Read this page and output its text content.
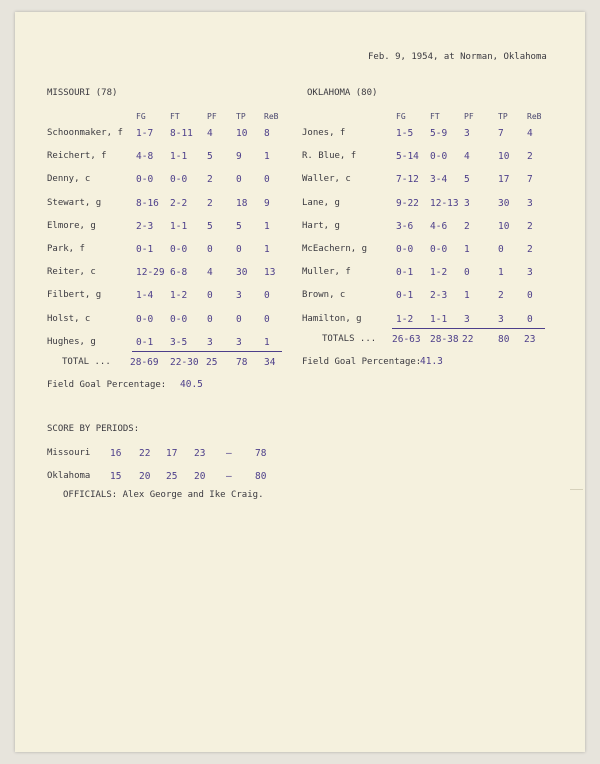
Feb. 9, 1954, at Norman, Oklahoma
MISSOURI (78)
FG	FT	PF TP ReB
Schoonmaker, f 1-7 8-11 4 10 8
Reichert, f	4-8 1-1 5 9 1
Denny, c	0-0 0-0 2 0 0
Stewart, g	8-16 2-2 2 18 9
Elmore, g	2-3 1-1 5 5 1
Park, f	0-1 0-0 0 0 1
Reiter, c	12-29 6-8 4 30 13
Filbert, g	1-4 1-2 0 3 0
Holst, c	0-0 0-0 0 0 0
Hughes, g	0-1 3-5 3 3 1
OKLAHOMA (80)
FG	FT	PF	TP ReB
Jones, f	1-5 5-9 3	7 4
R. Blue, f	5-14 0-0 4	10 2
Waller, c	7-12 3-4 5	17 7
Lane, g	9-22 12-13 3	30 3
Hart, g	3-6 4-6 2	10 2
McEachern, g	0-0 0-0 1	0 2
Muller, f	0-1 1-2 0	1 3
Brown, c	0-1 2-3 1	2 0
Hamilton, g	1-2 1-1 3	3 0
TOTAL ... 28-69 22-30 25 78 34
Field Goal Percentage: 40.5
TOTALS ... 26-63 28-38 22	80 23
Field Goal Percentage:
41.3
SCORE BY PERIODS:
Missouri 16 22 17 23 — 78
Oklahoma 15 20 25 20 — 80
OFFICIALS: Alex George and Ike Craig.
